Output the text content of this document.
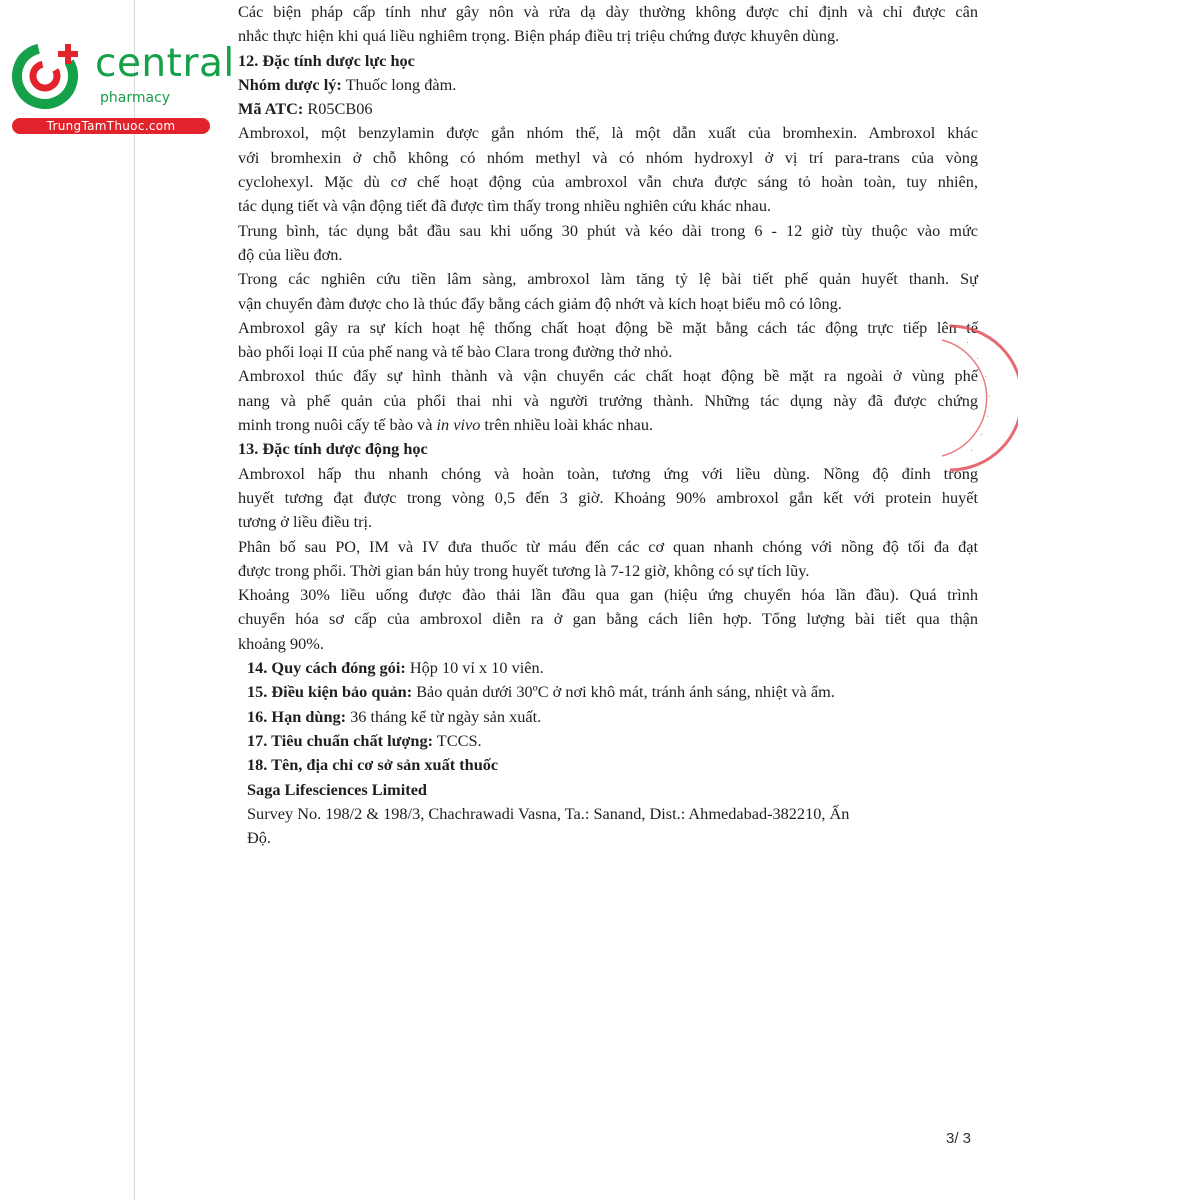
central
pharmacy
TrungTamThuoc.com

Các biện pháp cấp tính như gây nôn và rửa dạ dày thường không được chỉ định và chỉ được cân

nhắc thực hiện khi quá liều nghiêm trọng. Biện pháp điều trị triệu chứng được khuyên dùng.

12. Đặc tính dược lực học

Nhóm dược lý: Thuốc long đàm.

Mã ATC: R05CB06

Ambroxol, một benzylamin được gắn nhóm thế, là một dẫn xuất của bromhexin. Ambroxol khác

với bromhexin ở chỗ không có nhóm methyl và có nhóm hydroxyl ở vị trí para-trans của vòng

cyclohexyl. Mặc dù cơ chế hoạt động của ambroxol vẫn chưa được sáng tỏ hoàn toàn, tuy nhiên,

tác dụng tiết và vận động tiết đã được tìm thấy trong nhiều nghiên cứu khác nhau.

Trung bình, tác dụng bắt đầu sau khi uống 30 phút và kéo dài trong 6 - 12 giờ tùy thuộc vào mức

độ của liều đơn.

Trong các nghiên cứu tiền lâm sàng, ambroxol làm tăng tỷ lệ bài tiết phế quản huyết thanh. Sự

vận chuyển đàm được cho là thúc đẩy bằng cách giảm độ nhớt và kích hoạt biểu mô có lông.

Ambroxol gây ra sự kích hoạt hệ thống chất hoạt động bề mặt bằng cách tác động trực tiếp lên tế

bào phổi loại II của phế nang và tế bào Clara trong đường thở nhỏ.

Ambroxol thúc đẩy sự hình thành và vận chuyển các chất hoạt động bề mặt ra ngoài ở vùng phế

nang và phế quản của phổi thai nhi và người trưởng thành. Những tác dụng này đã được chứng

minh trong nuôi cấy tế bào và in vivo trên nhiều loài khác nhau.

13. Đặc tính dược động học

Ambroxol hấp thu nhanh chóng và hoàn toàn, tương ứng với liều dùng. Nồng độ đỉnh trong

huyết tương đạt được trong vòng 0,5 đến 3 giờ. Khoảng 90% ambroxol gắn kết với protein huyết

tương ở liều điều trị.

Phân bố sau PO, IM và IV đưa thuốc từ máu đến các cơ quan nhanh chóng với nồng độ tối đa đạt

được trong phổi. Thời gian bán hủy trong huyết tương là 7-12 giờ, không có sự tích lũy.

Khoảng 30% liều uống được đào thải lần đầu qua gan (hiệu ứng chuyển hóa lần đầu). Quá trình

chuyển hóa sơ cấp của ambroxol diễn ra ở gan bằng cách liên hợp. Tổng lượng bài tiết qua thận

khoảng 90%.

14. Quy cách đóng gói: Hộp 10 vỉ x 10 viên.

15. Điều kiện bảo quản: Bảo quản dưới 30ºC ở nơi khô mát, tránh ánh sáng, nhiệt và ẩm.

16. Hạn dùng: 36 tháng kể từ ngày sản xuất.

17. Tiêu chuẩn chất lượng: TCCS.

18. Tên, địa chỉ cơ sở sản xuất thuốc

Saga Lifesciences Limited

Survey No. 198/2 & 198/3, Chachrawadi Vasna, Ta.: Sanand, Dist.: Ahmedabad-382210, Ấn

Độ.

·
·
·
·
·
·
·
3/ 3
